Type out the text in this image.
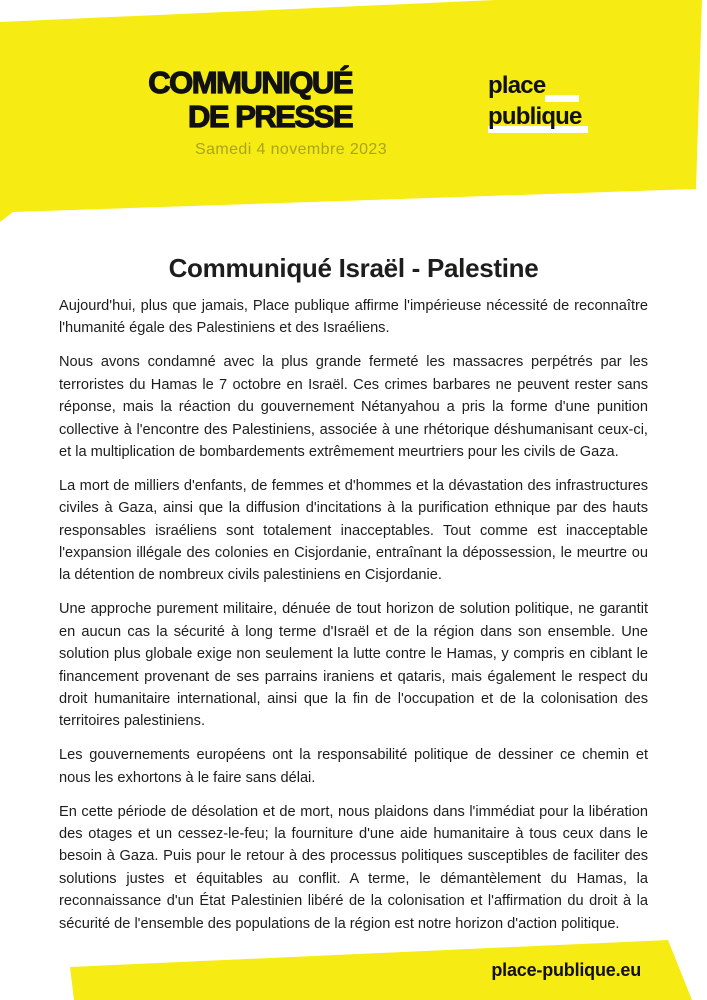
COMMUNIQUÉ
DE PRESSE
Samedi 4 novembre 2023
place
publique
Communiqué Israël - Palestine

Aujourd'hui, plus que jamais, Place publique affirme l'impérieuse nécessité de reconnaître l'humanité égale des Palestiniens et des Israéliens.

Nous avons condamné avec la plus grande fermeté les massacres perpétrés par les terroristes du Hamas le 7 octobre en Israël. Ces crimes barbares ne peuvent rester sans réponse, mais la réaction du gouvernement Nétanyahou a pris la forme d'une punition collective à l'encontre des Palestiniens, associée à une rhétorique déshumanisant ceux-ci, et la multiplication de bombardements extrêmement meurtriers pour les civils de Gaza.

La mort de milliers d'enfants, de femmes et d'hommes et la dévastation des infrastructures civiles à Gaza, ainsi que la diffusion d'incitations à la purification ethnique par des hauts responsables israéliens sont totalement inacceptables. Tout comme est inacceptable l'expansion illégale des colonies en Cisjordanie, entraînant la dépossession, le meurtre ou la détention de nombreux civils palestiniens en Cisjordanie.

Une approche purement militaire, dénuée de tout horizon de solution politique, ne garantit en aucun cas la sécurité à long terme d'Israël et de la région dans son ensemble. Une solution plus globale exige non seulement la lutte contre le Hamas, y compris en ciblant le financement provenant de ses parrains iraniens et qataris, mais également le respect du droit humanitaire international, ainsi que la fin de l'occupation et de la colonisation des territoires palestiniens.

Les gouvernements européens ont la responsabilité politique de dessiner ce chemin et nous les exhortons à le faire sans délai.

En cette période de désolation et de mort, nous plaidons dans l'immédiat pour la libération des otages et un cessez-le-feu; la fourniture d'une aide humanitaire à tous ceux dans le besoin à Gaza. Puis pour le retour à des processus politiques susceptibles de faciliter des solutions justes et équitables au conflit. A terme, le démantèlement du Hamas, la reconnaissance d'un État Palestinien libéré de la colonisation et l'affirmation du droit à la sécurité de l'ensemble des populations de la région est notre horizon d'action politique.

place-publique.eu
